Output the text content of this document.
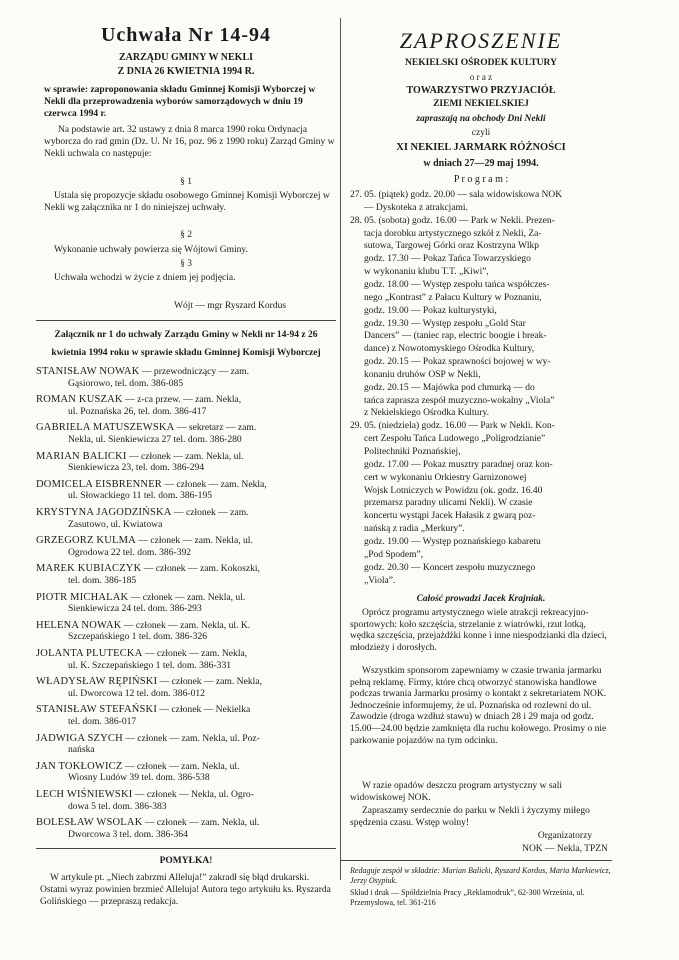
Uchwała Nr 14-94
ZARZĄDU GMINY W NEKLI
Z DNIA 26 KWIETNIA 1994 R.

w sprawie: zaproponowania składu Gminnej Komisji Wyborczej w Nekli dla przeprowadzenia wyborów samorządowych w dniu 19 czerwca 1994 r.

Na podstawie art. 32 ustawy z dnia 8 marca 1990 roku Ordynacja wyborcza do rad gmin (Dz. U. Nr 16, poz. 96 z 1990 roku) Zarząd Gminy w Nekli uchwala co następuje:

§ 1

Ustala się propozycje składu osobowego Gminnej Komisji Wyborczej w Nekli wg załącznika nr 1 do niniejszej uchwały.

§ 2

Wykonanie uchwały powierza się Wójtowi Gminy.

§ 3

Uchwała wchodzi w życie z dniem jej podjęcia.

Wójt — mgr Ryszard Kordus

Załącznik nr 1 do uchwały Zarządu Gminy w Nekli nr 14-94 z 26 kwietnia 1994 roku w sprawie składu Gminnej Komisji Wyborczej

STANISŁAW NOWAK — przewodniczący — zam.
Gąsiorowo, tel. dom. 386-085
ROMAN KUSZAK — z-ca przew. — zam. Nekla,
ul. Poznańska 26, tel. dom. 386-417
GABRIELA MATUSZEWSKA — sekretarz — zam.
Nekla, ul. Sienkiewicza 27 tel. dom. 386-280
MARIAN BALICKI — członek — zam. Nekla, ul.
Sienkiewicza 23, tel. dom. 386-294
DOMICELA EISBRENNER — członek — zam. Nekla,
ul. Słowackiego 11 tel. dom. 386-195
KRYSTYNA JAGODZIŃSKA — członek — zam.
Zasutowo, ul. Kwiatowa
GRZEGORZ KULMA — członek — zam. Nekla, ul.
Ogrodowa 22 tel. dom. 386-392
MAREK KUBIACZYK — członek — zam. Kokoszki,
tel. dom. 386-185
PIOTR MICHALAK — członek — zam. Nekla, ul.
Sienkiewicza 24 tel. dom. 386-293
HELENA NOWAK — członek — zam. Nekla, ul. K.
Szczepańskiego 1 tel. dom. 386-326
JOLANTA PLUTECKA — członek — zam. Nekla,
ul. K. Szczepańskiego 1 tel. dom. 386-331
WŁADYSŁAW RĘPIŃSKI — członek — zam. Nekla,
ul. Dworcowa 12 tel. dom. 386-012
STANISŁAW STEFAŃSKI — członek — Nekielka
tel. dom. 386-017
JADWIGA SZYCH — członek — zam. Nekla, ul. Poz-
nańska
JAN TOKŁOWICZ — członek — zam. Nekla, ul.
Wiosny Ludów 39 tel. dom. 386-538
LECH WIŚNIEWSKI — członek — Nekla, ul. Ogro-
dowa 5 tel. dom. 386-383
BOLESŁAW WSOLAK — członek — zam. Nekla, ul.
Dworcowa 3 tel. dom. 386-364
POMYŁKA!

W artykule pt. „Niech zabrzmi Alleluja!” zakradł się błąd drukarski. Ostatni wyraz powinien brzmieć Alleluja! Autora tego artykułu ks. Ryszarda Golińskiego — przepraszą redakcja.

ZAPROSZENIE
NEKIELSKI OŚRODEK KULTURY
o r a z
TOWARZYSTWO PRZYJACIÓŁ
ZIEMI NEKIELSKIEJ
zapraszają na obchody Dni Nekli
czyli
XI NEKIEL JARMARK RÓŻNOŚCI
w dniach 27—29 maj 1994.
P r o g r a m :
27. 05. (piątek) godz. 20.00 — sala widowiskowa NOK
— Dyskoteka z atrakcjami.
28. 05. (sobota) godz. 16.00 — Park w Nekli. Prezen-
tacja dorobku artystycznego szkół z Nekli, Za-
sutowa, Targowej Górki oraz Kostrzyna Wlkp
godz. 17.30 — Pokaz Tańca Towarzyskiego
w wykonaniu klubu T.T. „Kiwi”,
godz. 18.00 — Występ zespołu tańca współczes-
nego „Kontrast” z Pałacu Kultury w Poznaniu,
godz. 19.00 — Pokaz kulturystyki,
godz. 19.30 — Występ zespołu „Gold Star
Dancers” — (taniec rap, electric boogie i break-
dance) z Nowotomyskiego Ośrodka Kultury,
godz. 20.15 — Pokaz sprawności bojowej w wy-
konaniu druhów OSP w Nekli,
godz. 20.15 — Majówka pod chmurką — do
tańca zaprasza zespół muzyczno-wokalny „Viola”
z Nekielskiego Ośrodka Kultury.
29. 05. (niedziela) godz. 16.00 — Park w Nekli. Kon-
cert Zespołu Tańca Ludowego „Poligrodzianie”
Politechniki Poznańskiej,
godz. 17.00 — Pokaz musztry paradnej oraz kon-
cert w wykonaniu Orkiestry Garnizonowej
Wojsk Lotniczych w Powidzu (ok. godz. 16.40
przemarsz paradny ulicami Nekli). W czasie
koncertu wystąpi Jacek Hałasik z gwarą poz-
nańską z radia „Merkury”.
godz. 19.00 — Występ poznańskiego kabaretu
„Pod Spodem”,
godz. 20.30 — Koncert zespołu muzycznego
„Viola”.
Całość prowadzi Jacek Krajniak.

Oprócz programu artystycznego wiele atrakcji rekreacyjno-sportowych: koło szczęścia, strzelanie z wiatrówki, rzut lotką, wędka szczęścia, przejażdżki konne i inne niespodzianki dla dzieci, młodzieży i dorosłych.

Wszystkim sponsorom zapewniamy w czasie trwania jarmarku pełną reklamę. Firmy, które chcą otworzyć stanowiska handlowe podczas trwania Jarmarku prosimy o kontakt z sekretariatem NOK. Jednocześnie informujemy, że ul. Poznańska od rozlewni do ul. Zawodzie (droga wzdłuż stawu) w dniach 28 i 29 maja od godz. 15.00—24.00 będzie zamknięta dla ruchu kołowego. Prosimy o nie parkowanie pojazdów na tym odcinku.

W razie opadów deszczu program artystyczny w sali widowiskowej NOK.

Zapraszamy serdecznie do parku w Nekli i życzymy miłego spędzenia czasu. Wstęp wolny!

Organizatorzy
NOK — Nekla, TPZN

Redaguje zespół w składzie: Marian Balicki, Ryszard Kordus, Maria Markiewicz, Jerzy Osypiuk.

Skład i druk — Spółdzielnia Pracy „Reklamodruk”, 62-300 Września, ul. Przemysłowa, tel. 361-216
